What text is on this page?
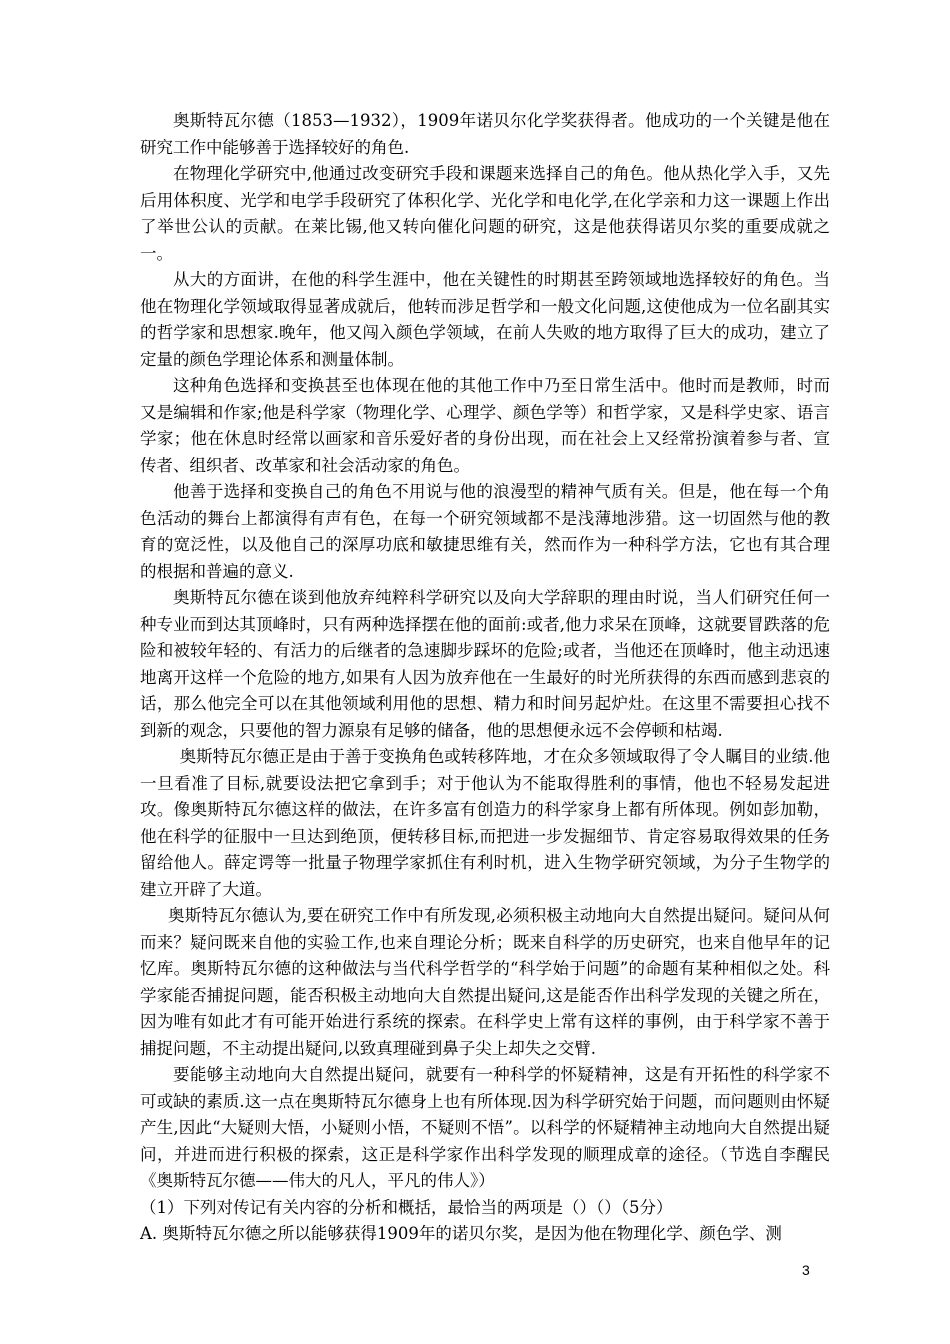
奥斯特瓦尔德（1853—1932），1909年诺贝尔化学奖获得者。他成功的一个关键是他在研究工作中能够善于选择较好的角色.

在物理化学研究中,他通过改变研究手段和课题来选择自己的角色。他从热化学入手，又先后用体积度、光学和电学手段研究了体积化学、光化学和电化学,在化学亲和力这一课题上作出了举世公认的贡献。在莱比锡,他又转向催化问题的研究，这是他获得诺贝尔奖的重要成就之一。

从大的方面讲，在他的科学生涯中，他在关键性的时期甚至跨领域地选择较好的角色。当他在物理化学领域取得显著成就后，他转而涉足哲学和一般文化问题,这使他成为一位名副其实的哲学家和思想家.晚年，他又闯入颜色学领域，在前人失败的地方取得了巨大的成功，建立了定量的颜色学理论体系和测量体制。

这种角色选择和变换甚至也体现在他的其他工作中乃至日常生活中。他时而是教师，时而又是编辑和作家;他是科学家（物理化学、心理学、颜色学等）和哲学家，又是科学史家、语言学家；他在休息时经常以画家和音乐爱好者的身份出现，而在社会上又经常扮演着参与者、宣传者、组织者、改革家和社会活动家的角色。

他善于选择和变换自己的角色不用说与他的浪漫型的精神气质有关。但是，他在每一个角色活动的舞台上都演得有声有色，在每一个研究领域都不是浅薄地涉猎。这一切固然与他的教育的宽泛性，以及他自己的深厚功底和敏捷思维有关，然而作为一种科学方法，它也有其合理的根据和普遍的意义.

奥斯特瓦尔德在谈到他放弃纯粹科学研究以及向大学辞职的理由时说，当人们研究任何一种专业而到达其顶峰时，只有两种选择摆在他的面前:或者,他力求呆在顶峰，这就要冒跌落的危险和被较年轻的、有活力的后继者的急速脚步踩坏的危险;或者，当他还在顶峰时，他主动迅速地离开这样一个危险的地方,如果有人因为放弃他在一生最好的时光所获得的东西而感到悲哀的话，那么他完全可以在其他领域利用他的思想、精力和时间另起炉灶。在这里不需要担心找不到新的观念，只要他的智力源泉有足够的储备，他的思想便永远不会停顿和枯竭.

奥斯特瓦尔德正是由于善于变换角色或转移阵地，才在众多领域取得了令人瞩目的业绩.他一旦看准了目标,就要设法把它拿到手；对于他认为不能取得胜利的事情，他也不轻易发起进攻。像奥斯特瓦尔德这样的做法，在许多富有创造力的科学家身上都有所体现。例如彭加勒，他在科学的征服中一旦达到绝顶，便转移目标,而把进一步发掘细节、肯定容易取得效果的任务留给他人。薛定谔等一批量子物理学家抓住有利时机，进入生物学研究领域，为分子生物学的建立开辟了大道。

奥斯特瓦尔德认为,要在研究工作中有所发现,必须积极主动地向大自然提出疑问。疑问从何而来？疑问既来自他的实验工作,也来自理论分析；既来自科学的历史研究，也来自他早年的记忆库。奥斯特瓦尔德的这种做法与当代科学哲学的“科学始于问题”的命题有某种相似之处。科学家能否捕捉问题，能否积极主动地向大自然提出疑问,这是能否作出科学发现的关键之所在，因为唯有如此才有可能开始进行系统的探索。在科学史上常有这样的事例，由于科学家不善于捕捉问题，不主动提出疑问,以致真理碰到鼻子尖上却失之交臂.

要能够主动地向大自然提出疑问，就要有一种科学的怀疑精神，这是有开拓性的科学家不可或缺的素质.这一点在奥斯特瓦尔德身上也有所体现.因为科学研究始于问题，而问题则由怀疑产生,因此“大疑则大悟，小疑则小悟，不疑则不悟”。以科学的怀疑精神主动地向大自然提出疑问，并进而进行积极的探索，这正是科学家作出科学发现的顺理成章的途径。（节选自李醒民《奥斯特瓦尔德——伟大的凡人，平凡的伟人》）

（1）下列对传记有关内容的分析和概括，最恰当的两项是（）（）（5分）

A. 奥斯特瓦尔德之所以能够获得1909年的诺贝尔奖，是因为他在物理化学、颜色学、测

3
